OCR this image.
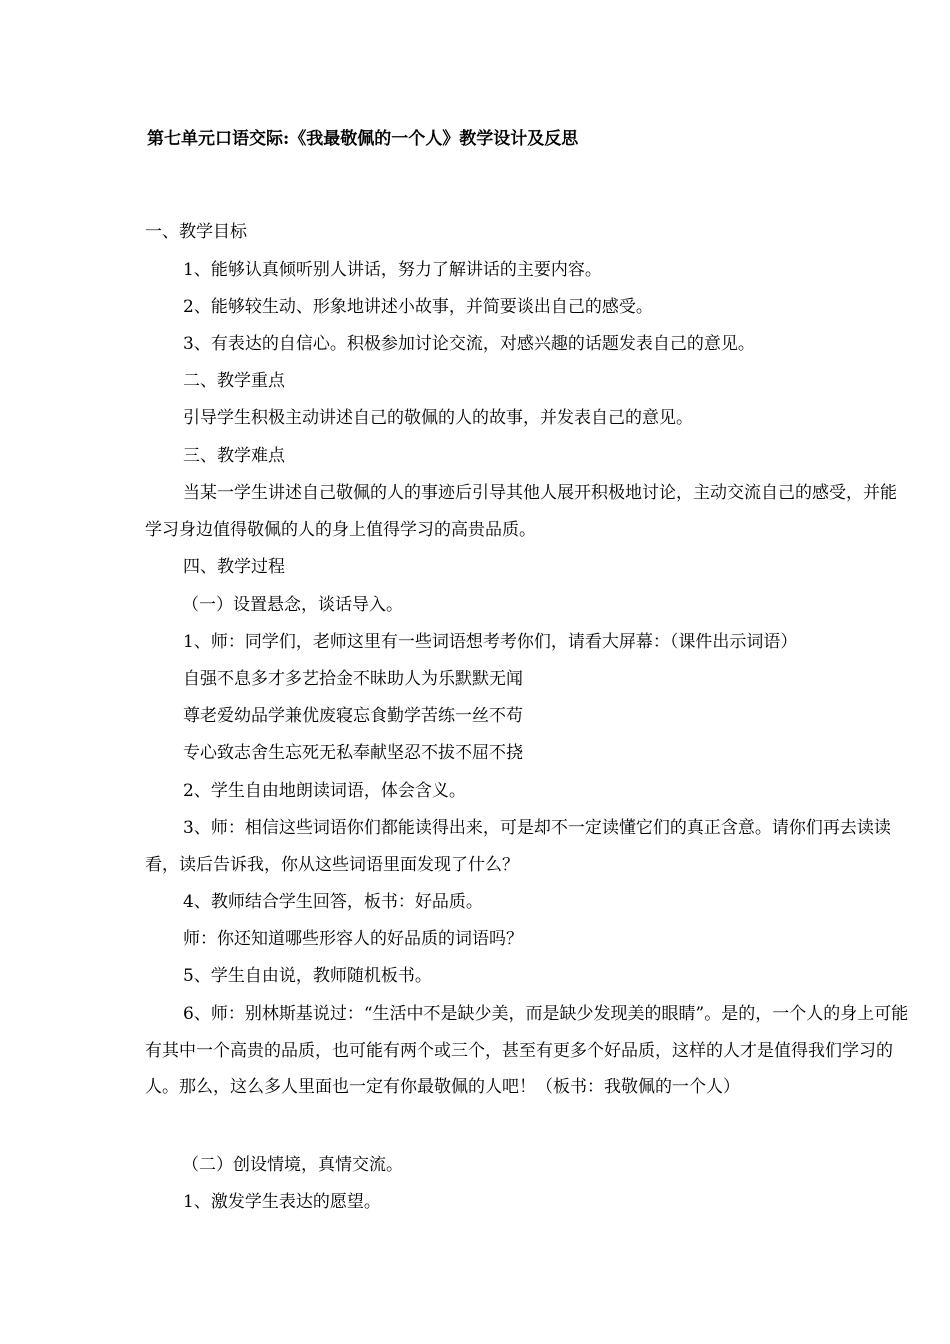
第七单元口语交际:《我最敬佩的一个人》教学设计及反思
一、教学目标
1、能够认真倾听别人讲话，努力了解讲话的主要内容。
2、能够较生动、形象地讲述小故事，并简要谈出自己的感受。
3、有表达的自信心。积极参加讨论交流，对感兴趣的话题发表自己的意见。
二、教学重点
引导学生积极主动讲述自己的敬佩的人的故事，并发表自己的意见。
三、教学难点
当某一学生讲述自己敬佩的人的事迹后引导其他人展开积极地讨论，主动交流自己的感受，并能学习身边值得敬佩的人的身上值得学习的高贵品质。
四、教学过程
（一）设置悬念，谈话导入。
1、师：同学们，老师这里有一些词语想考考你们，请看大屏幕：（课件出示词语）
自强不息多才多艺拾金不昧助人为乐默默无闻
尊老爱幼品学兼优废寝忘食勤学苦练一丝不苟
专心致志舍生忘死无私奉献坚忍不拔不屈不挠
2、学生自由地朗读词语，体会含义。
3、师：相信这些词语你们都能读得出来，可是却不一定读懂它们的真正含意。请你们再去读读看，读后告诉我，你从这些词语里面发现了什么？
4、教师结合学生回答，板书：好品质。
师：你还知道哪些形容人的好品质的词语吗？
5、学生自由说，教师随机板书。
6、师：别林斯基说过：“生活中不是缺少美，而是缺少发现美的眼睛”。是的，一个人的身上可能有其中一个高贵的品质，也可能有两个或三个，甚至有更多个好品质，这样的人才是值得我们学习的人。那么，这么多人里面也一定有你最敬佩的人吧！（板书：我敬佩的一个人）
（二）创设情境，真情交流。
1、激发学生表达的愿望。
